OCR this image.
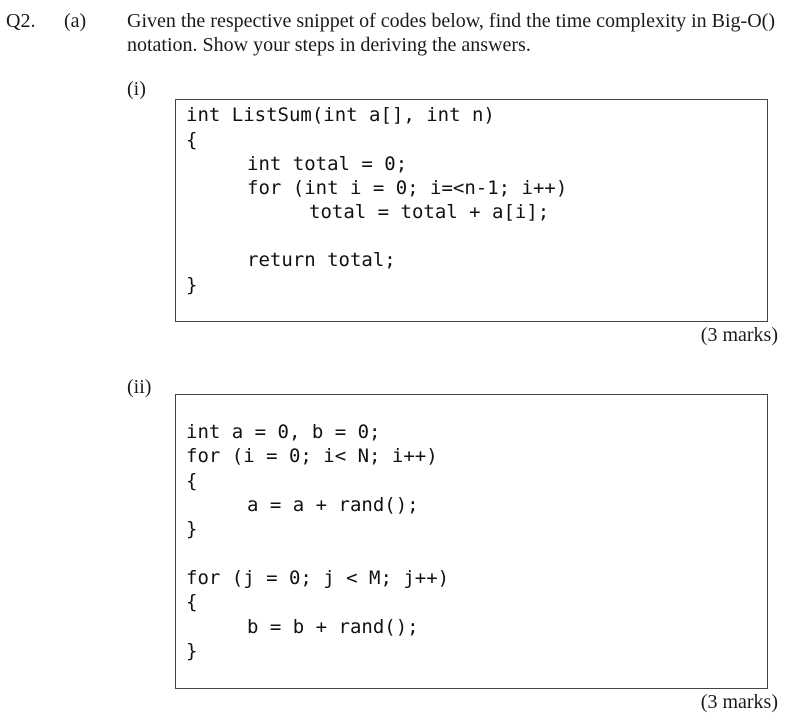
Q2. (a) Given the respective snippet of codes below, find the time complexity in Big-O() notation. Show your steps in deriving the answers.
(i)
int ListSum(int a[], int n)
{
int total = 0;
for (int i = 0; i=<n-1; i++)
total = total + a[i];
return total;
}
(3 marks)
(ii)
int a = 0, b = 0;
for (i = 0; i< N; i++)
{
a = a + rand();
}
for (j = 0; j < M; j++)
{
b = b + rand();
}
(3 marks)
